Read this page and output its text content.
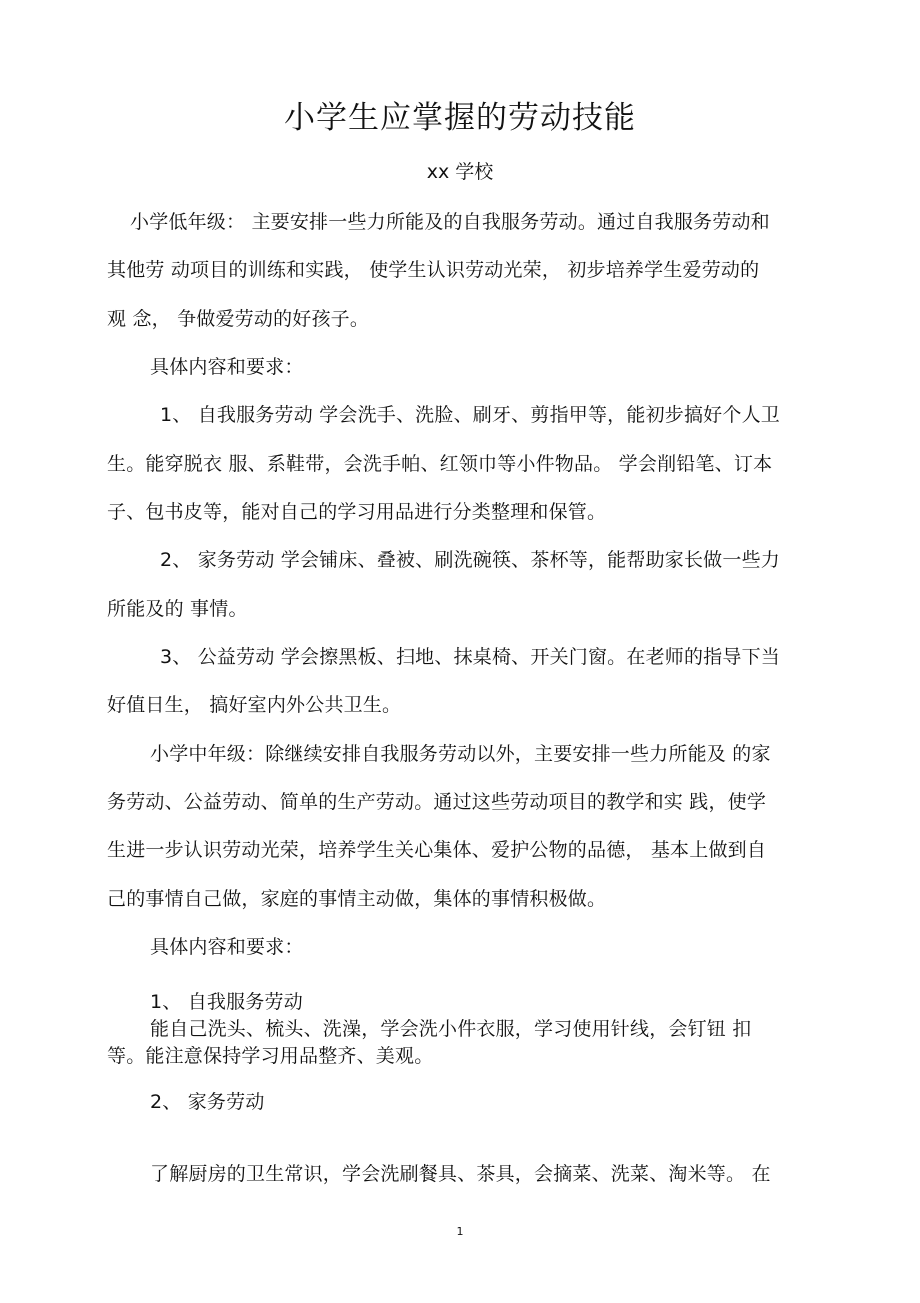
小学生应掌握的劳动技能
xx 学校
小学低年级： 主要安排一些力所能及的自我服务劳动。通过自我服务劳动和
其他劳 动项目的训练和实践， 使学生认识劳动光荣， 初步培养学生爱劳动的
观 念， 争做爱劳动的好孩子。
具体内容和要求：
1、 自我服务劳动 学会洗手、洗脸、刷牙、剪指甲等，能初步搞好个人卫
生。能穿脱衣 服、系鞋带，会洗手帕、红领巾等小件物品。 学会削铅笔、订本
子、包书皮等，能对自己的学习用品进行分类整理和保管。
2、 家务劳动 学会铺床、叠被、刷洗碗筷、茶杯等，能帮助家长做一些力
所能及的 事情。
3、 公益劳动 学会擦黑板、扫地、抹桌椅、开关门窗。在老师的指导下当
好值日生， 搞好室内外公共卫生。
小学中年级：除继续安排自我服务劳动以外，主要安排一些力所能及 的家
务劳动、公益劳动、简单的生产劳动。通过这些劳动项目的教学和实 践，使学
生进一步认识劳动光荣，培养学生关心集体、爱护公物的品德， 基本上做到自
己的事情自己做，家庭的事情主动做，集体的事情积极做。
具体内容和要求：
1、 自我服务劳动
能自己洗头、梳头、洗澡，学会洗小件衣服，学习使用针线，会钉钮 扣
等。能注意保持学习用品整齐、美观。
2、 家务劳动
了解厨房的卫生常识，学会洗刷餐具、茶具，会摘菜、洗菜、淘米等。 在
1
